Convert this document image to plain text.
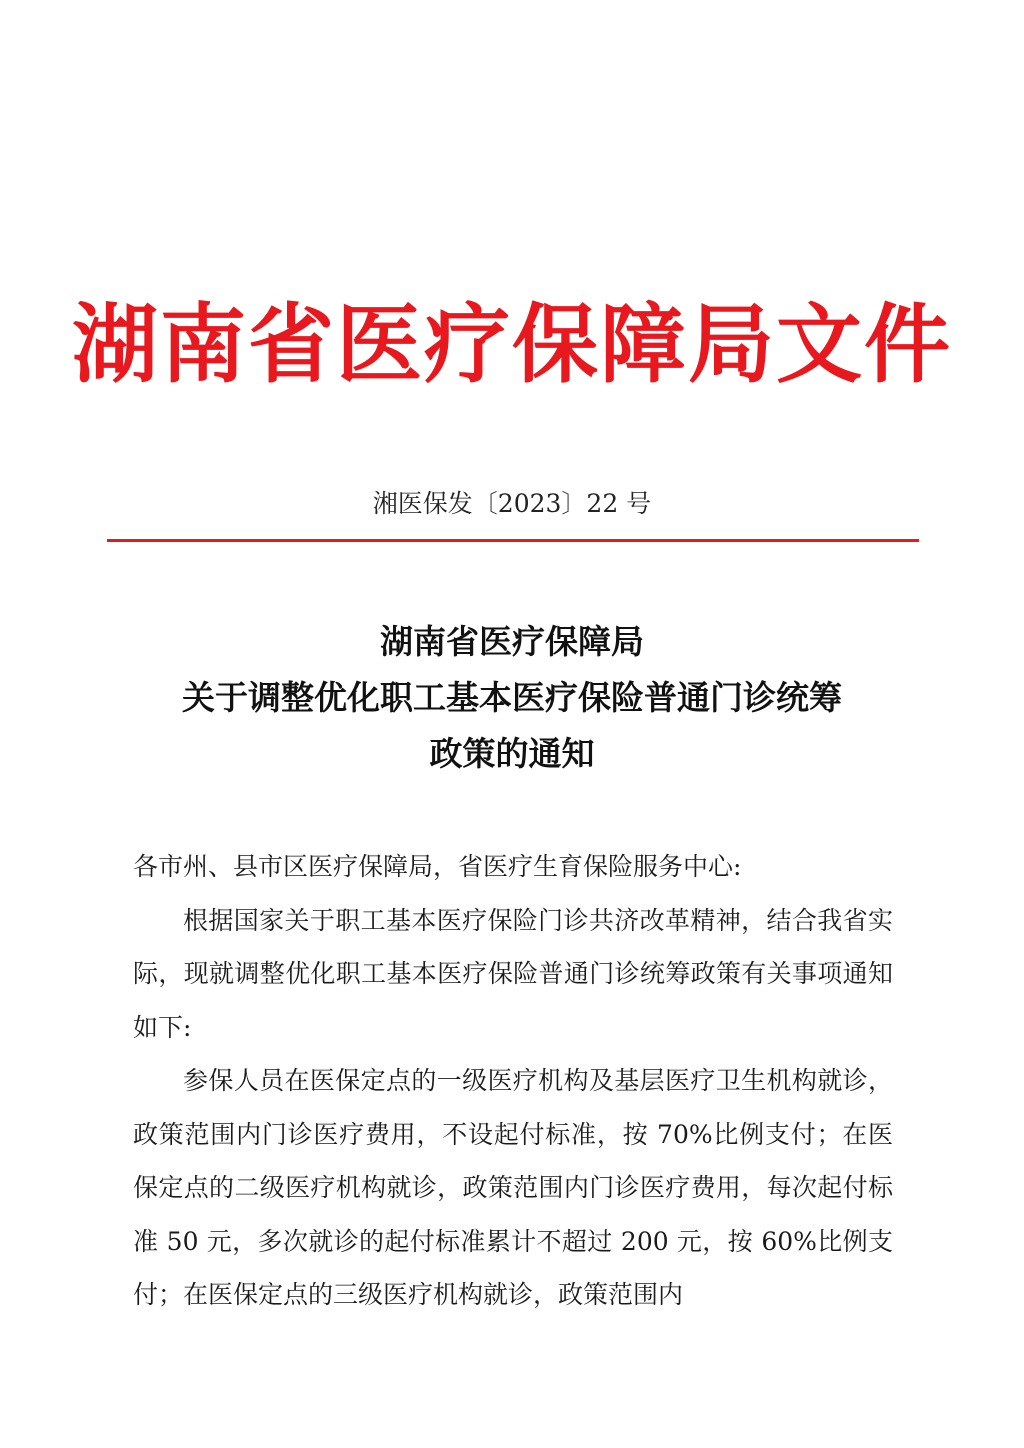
湖南省医疗保障局文件
湘医保发〔2023〕22 号
湖南省医疗保障局
关于调整优化职工基本医疗保险普通门诊统筹
政策的通知

各市州、县市区医疗保障局，省医疗生育保险服务中心:

根据国家关于职工基本医疗保险门诊共济改革精神，结合我省实际，现就调整优化职工基本医疗保险普通门诊统筹政策有关事项通知如下:

参保人员在医保定点的一级医疗机构及基层医疗卫生机构就诊，政策范围内门诊医疗费用，不设起付标准，按 70%比例支付；在医保定点的二级医疗机构就诊，政策范围内门诊医疗费用，每次起付标准 50 元，多次就诊的起付标准累计不超过 200 元，按 60%比例支付；在医保定点的三级医疗机构就诊，政策范围内
